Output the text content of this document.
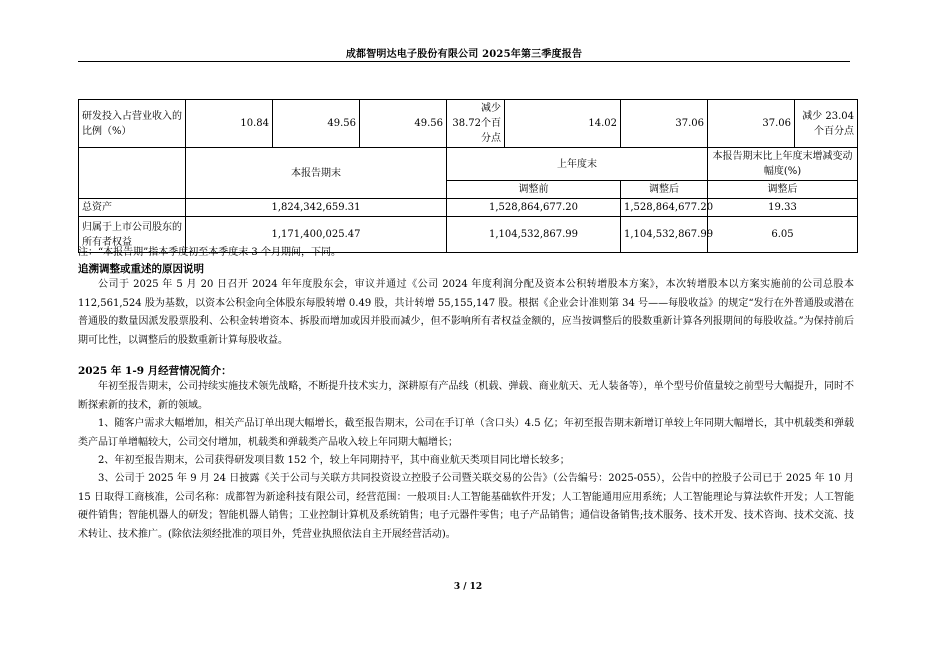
成都智明达电子股份有限公司 2025年第三季度报告
研发投入占营业收入的比例（%）	10.84	49.56	49.56	减少 38.72个百分点	14.02	37.06	37.06	减少 23.04个百分点
	本报告期末			上年度末			本报告期末比上年度末增减变动幅度(%)	
				调整前		调整后	调整后	
总资产	1,824,342,659.31			1,528,864,677.20		1,528,864,677.20	19.33	
归属于上市公司股东的所有者权益	1,171,400,025.47			1,104,532,867.99		1,104,532,867.99	6.05	
注：“本报告期”指本季度初至本季度末 3 个月期间，下同。
追溯调整或重述的原因说明

公司于 2025 年 5 月 20 日召开 2024 年年度股东会，审议并通过《公司 2024 年度利润分配及资本公积转增股本方案》，本次转增股本以方案实施前的公司总股本 112,561,524 股为基数，以资本公积金向全体股东每股转增 0.49 股，共计转增 55,155,147 股。根据《企业会计准则第 34 号——每股收益》的规定“发行在外普通股或潜在普通股的数量因派发股票股利、公积金转增资本、拆股而增加或因并股而减少，但不影响所有者权益金额的，应当按调整后的股数重新计算各列报期间的每股收益。”为保持前后期可比性，以调整后的股数重新计算每股收益。

2025 年 1-9 月经营情况简介：

年初至报告期末，公司持续实施技术领先战略，不断提升技术实力，深耕原有产品线（机载、弹载、商业航天、无人装备等），单个型号价值量较之前型号大幅提升，同时不断探索新的技术，新的领域。

1、随客户需求大幅增加，相关产品订单出现大幅增长，截至报告期末，公司在手订单（含口头）4.5 亿；年初至报告期末新增订单较上年同期大幅增长，其中机载类和弹载类产品订单增幅较大，公司交付增加，机载类和弹载类产品收入较上年同期大幅增长；

2、年初至报告期末，公司获得研发项目数 152 个，较上年同期持平，其中商业航天类项目同比增长较多；

3、公司于 2025 年 9 月 24 日披露《关于公司与关联方共同投资设立控股子公司暨关联交易的公告》（公告编号：2025-055），公告中的控股子公司已于 2025 年 10 月 15 日取得工商核准，公司名称：成都智为新途科技有限公司，经营范围：一般项目:人工智能基础软件开发；人工智能通用应用系统；人工智能理论与算法软件开发；人工智能硬件销售；智能机器人的研发；智能机器人销售；工业控制计算机及系统销售；电子元器件零售；电子产品销售；通信设备销售;技术服务、技术开发、技术咨询、技术交流、技术转让、技术推广。(除依法须经批准的项目外，凭营业执照依法自主开展经营活动)。

3 / 12
